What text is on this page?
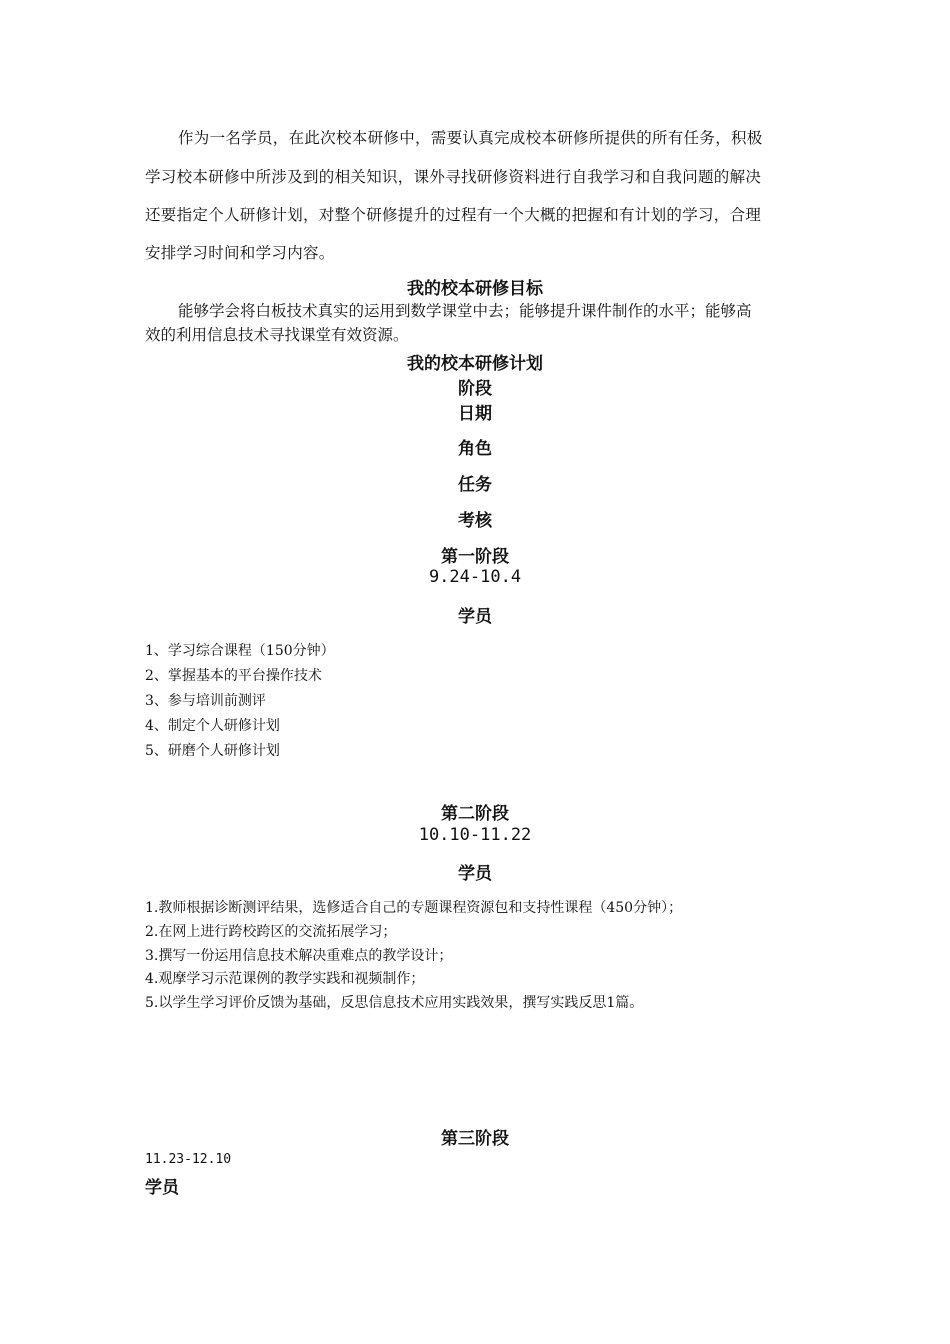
作为一名学员，在此次校本研修中，需要认真完成校本研修所提供的所有任务，积极

学习校本研修中所涉及到的相关知识，课外寻找研修资料进行自我学习和自我问题的解决

还要指定个人研修计划，对整个研修提升的过程有一个大概的把握和有计划的学习，合理

安排学习时间和学习内容。

我的校本研修目标

能够学会将白板技术真实的运用到数学课堂中去；能够提升课件制作的水平；能够高

效的利用信息技术寻找课堂有效资源。

我的校本研修计划

阶段

日期

角色

任务

考核

第一阶段

9.24-10.4

学员

1、学习综合课程（150分钟）

2、掌握基本的平台操作技术

3、参与培训前测评

4、制定个人研修计划

5、研磨个人研修计划

第二阶段

10.10-11.22

学员

1.教师根据诊断测评结果，选修适合自己的专题课程资源包和支持性课程（450分钟）；

2.在网上进行跨校跨区的交流拓展学习；

3.撰写一份运用信息技术解决重难点的教学设计；

4.观摩学习示范课例的教学实践和视频制作；

5.以学生学习评价反馈为基础，反思信息技术应用实践效果，撰写实践反思1篇。

第三阶段

11.23-12.10

学员
